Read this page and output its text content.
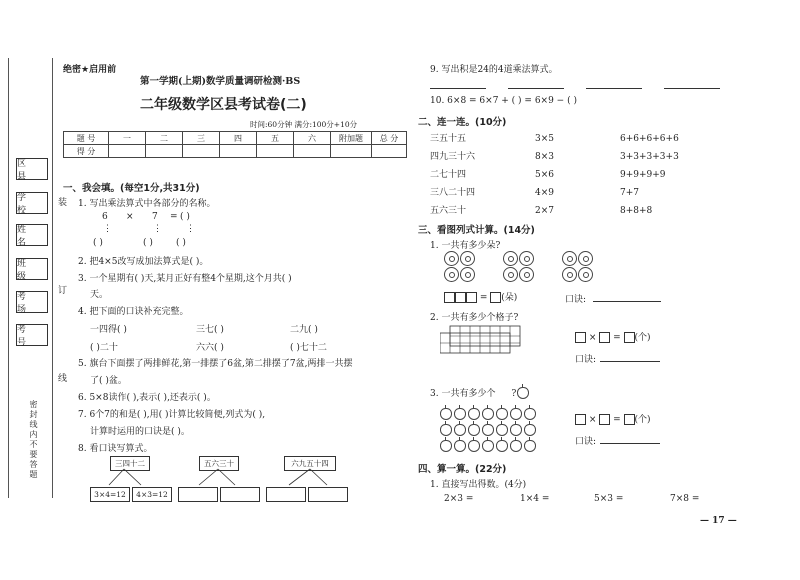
区 县
学 校
姓 名
班 级
考 场
考 号
密封线内不要答题
装
订
线
绝密★启用前
第一学期(上期)数学质量调研检测·BS
二年级数学区县考试卷(二)
时间:60分钟 满分:100分+10分
题 号	一	二	三	四	五	六	附加题	总 分
得 分								
一、我会填。(每空1分,共31分)
1. 写出乘法算式中各部分的名称。
6 × 7 = ( )
⋮	⋮	⋮
( )	( )	( )
2. 把4×5改写成加法算式是( )。
3. 一个星期有( )天,某月正好有整4个星期,这个月共( )
天。
4. 把下面的口诀补充完整。
一四得( )	三七( )	二九( )
( )二十	六六( )	( )七十二
5. 旗台下面摆了两排鲜花,第一排摆了6盆,第二排摆了7盆,两排一共摆
了( )盆。
6. 5×8读作( ),表示( ),还表示( )。
7. 6个7的和是( ),用( )计算比较简便,列式为( ),
计算时运用的口诀是( )。
8. 看口诀写算式。
三四十二	五六三十	六九五十四
3×4=12	4×3=12
9. 写出积是24的4道乘法算式。
10. 6×8 = 6×7 + ( ) = 6×9 − ( )
二、连一连。(10分)
三五十五
四九三十六
二七十四
三八二十四
五六三十
3×5
8×3
5×6
4×9
2×7
6+6+6+6+6
3+3+3+3+3
9+9+9+9
7+7
8+8+8
三、看图列式计算。(14分)
1. 一共有多少朵?
= (朵)	口诀:
2. 一共有多少个格子?
×  = (个)
口诀:
3. 一共有多少个 ?
×  = (个)
口诀:
四、算一算。(22分)
1. 直接写出得数。(4分)
2×3 =	1×4 =	5×3 =	7×8 =
— 17 —
